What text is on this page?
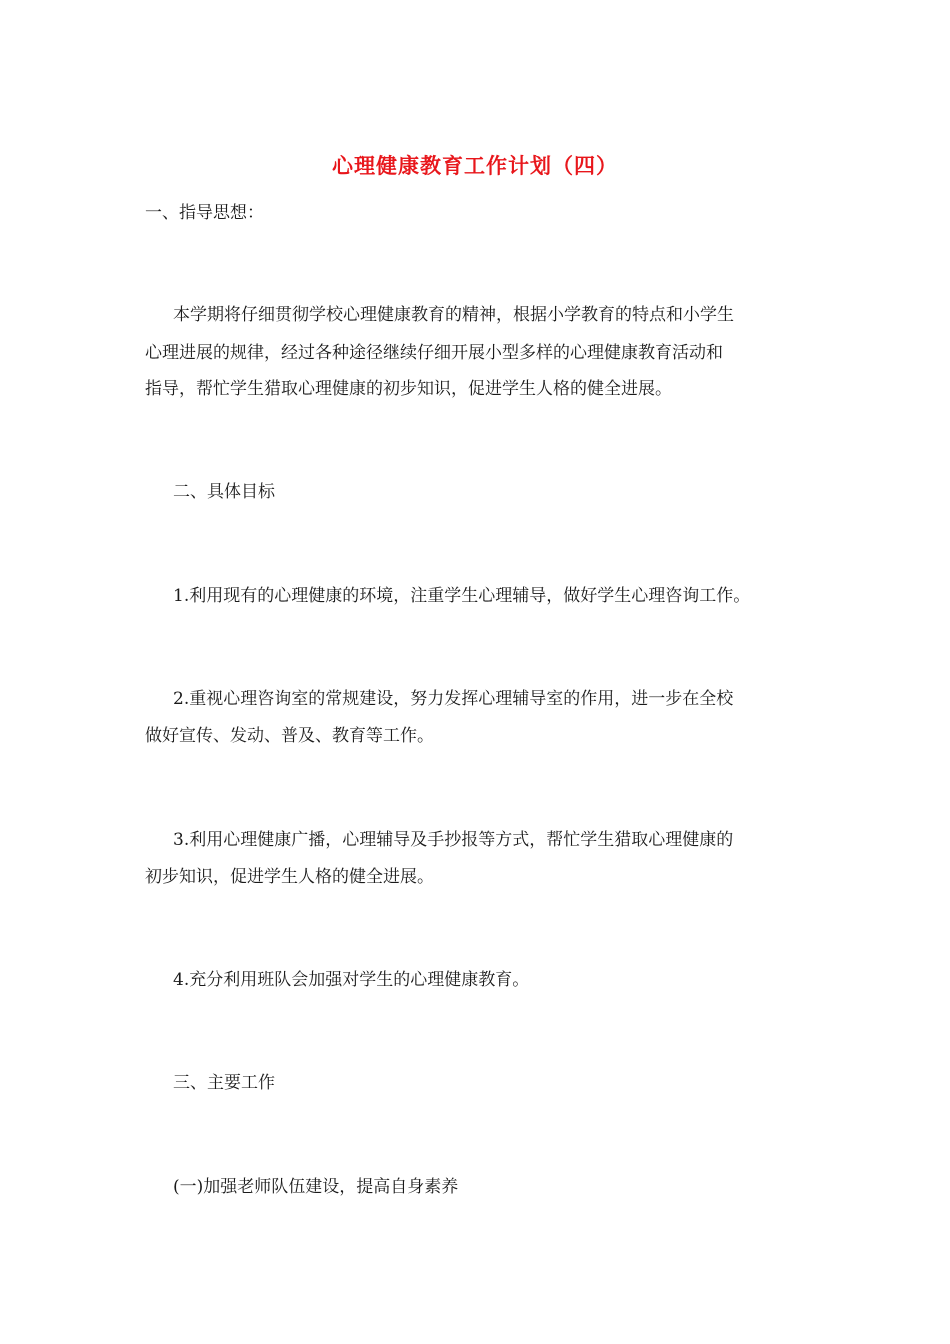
心理健康教育工作计划（四）

一、指导思想：

本学期将仔细贯彻学校心理健康教育的精神，根据小学教育的特点和小学生

心理进展的规律，经过各种途径继续仔细开展小型多样的心理健康教育活动和

指导，帮忙学生猎取心理健康的初步知识，促进学生人格的健全进展。

二、具体目标

1.利用现有的心理健康的环境，注重学生心理辅导，做好学生心理咨询工作。

2.重视心理咨询室的常规建设，努力发挥心理辅导室的作用，进一步在全校

做好宣传、发动、普及、教育等工作。

3.利用心理健康广播，心理辅导及手抄报等方式，帮忙学生猎取心理健康的

初步知识，促进学生人格的健全进展。

4.充分利用班队会加强对学生的心理健康教育。

三、主要工作

(一)加强老师队伍建设，提高自身素养
